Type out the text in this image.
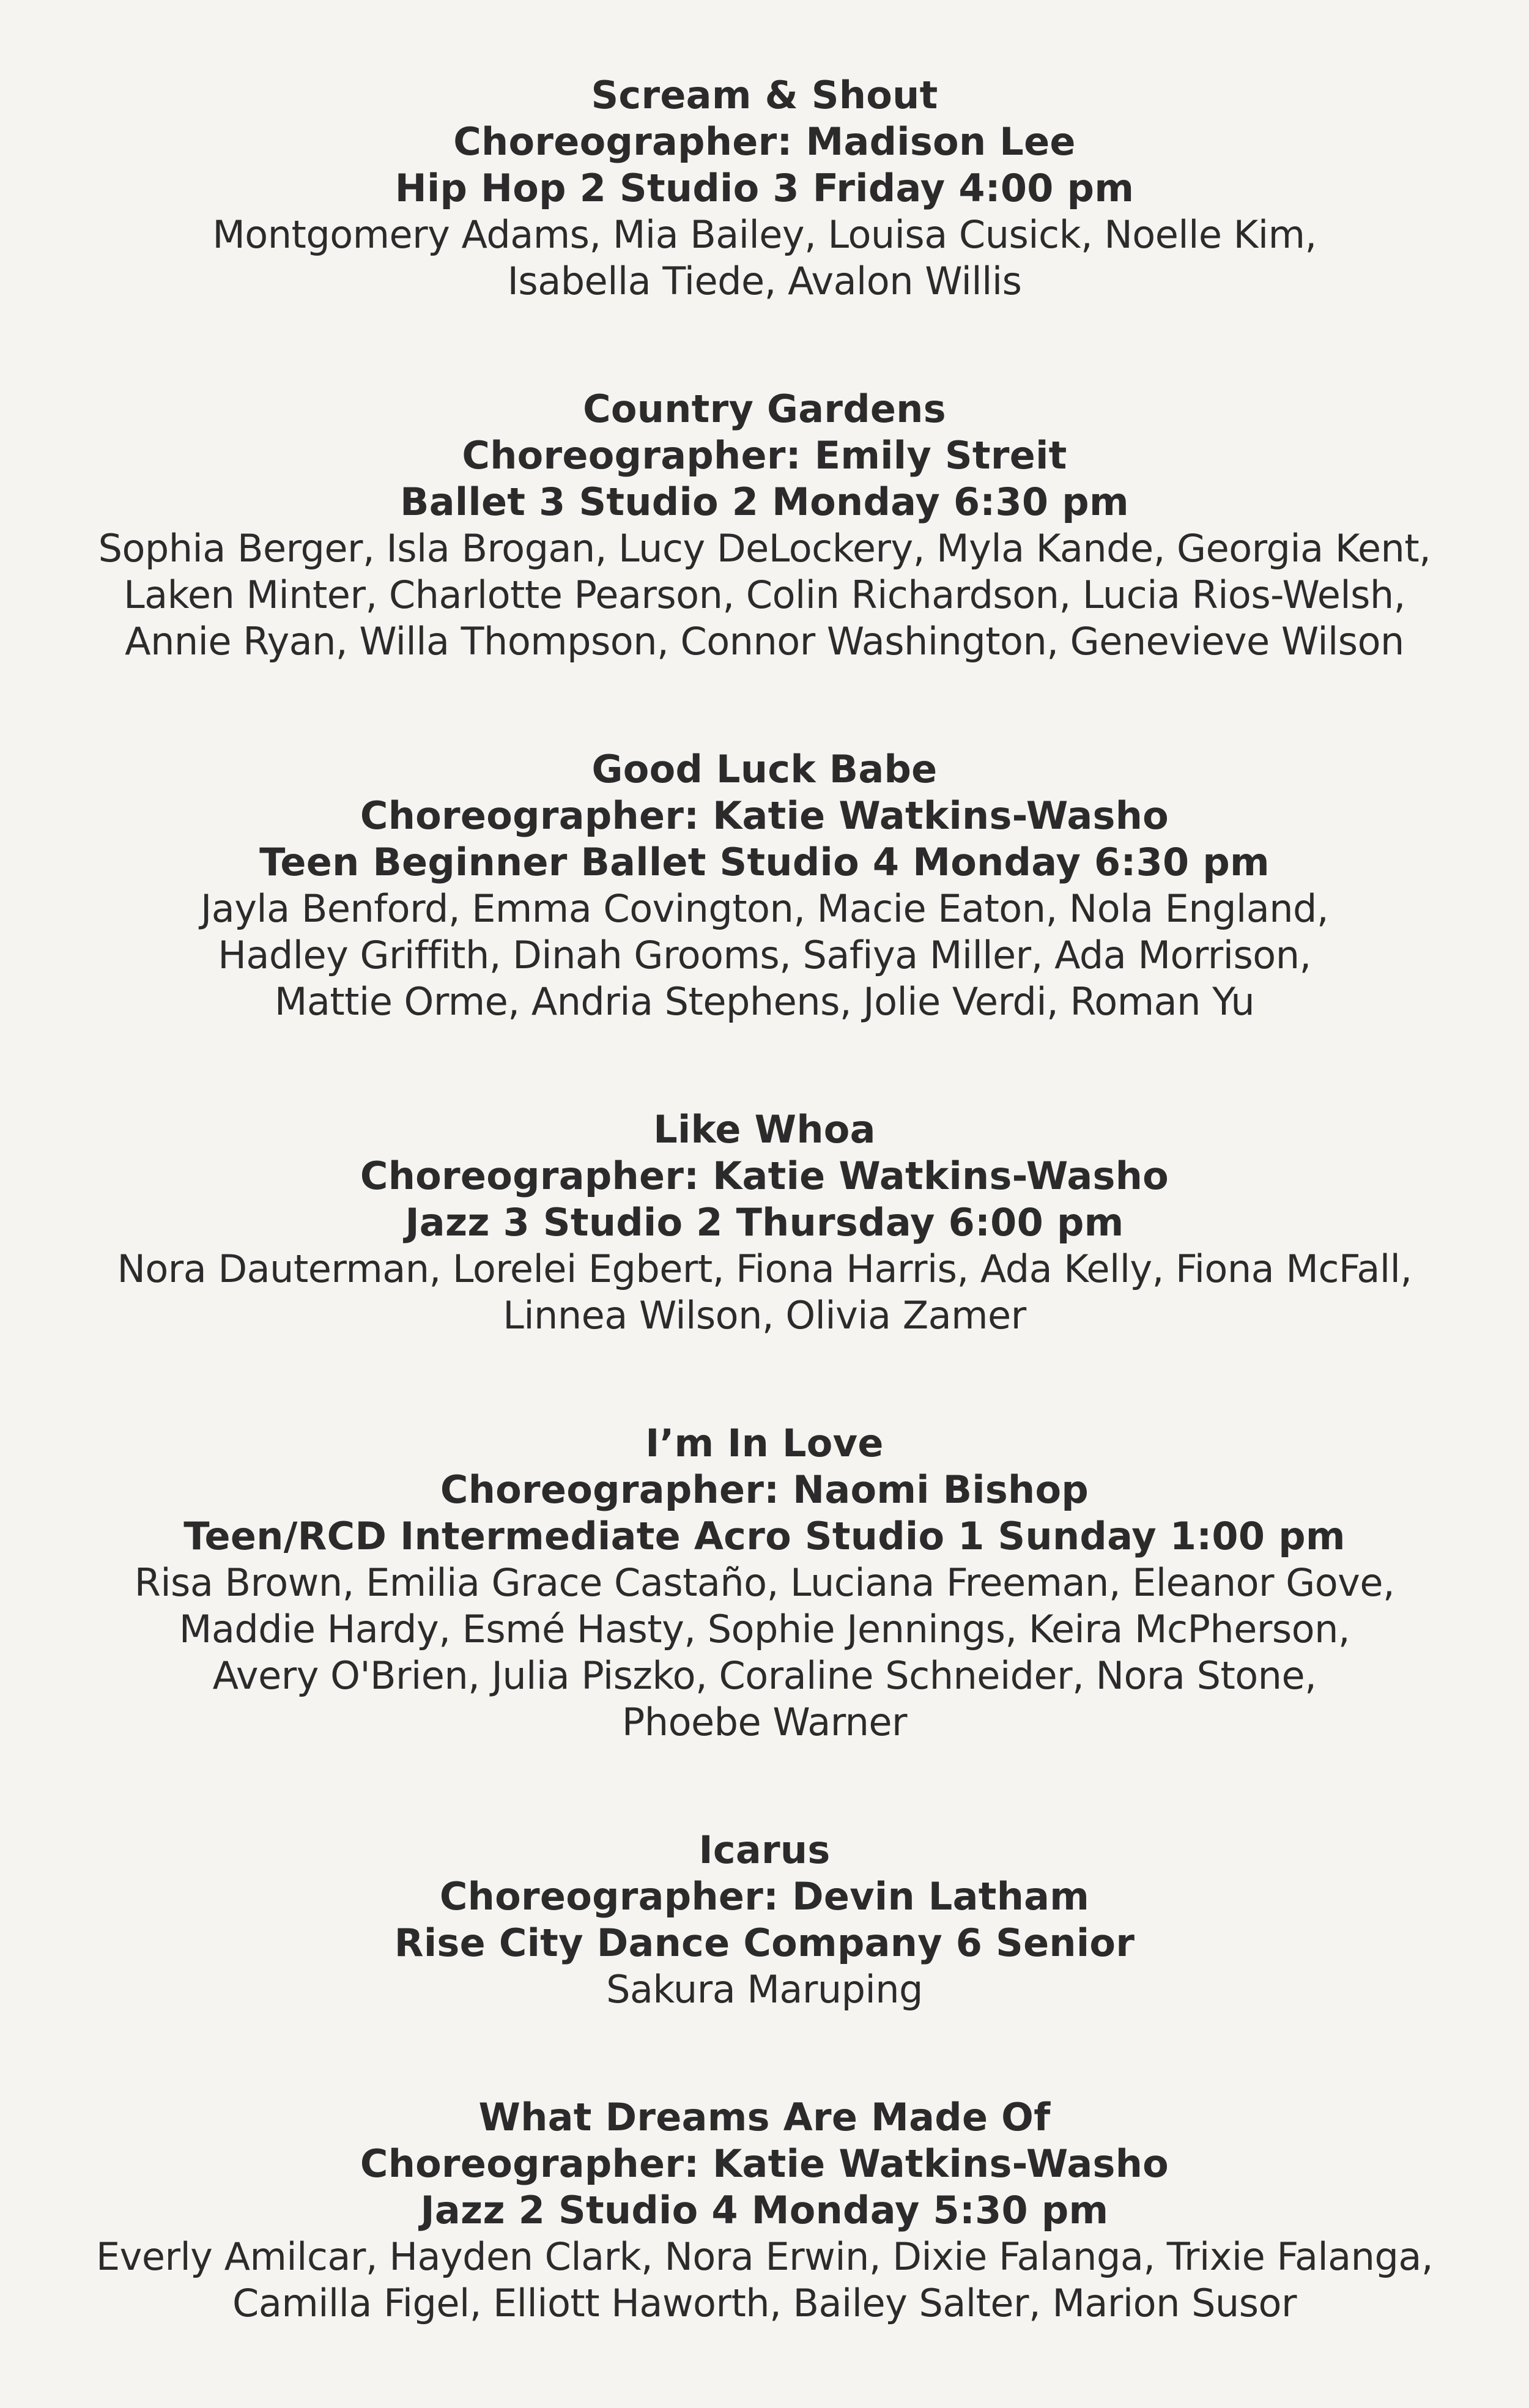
Scream & Shout
Choreographer: Madison Lee
Hip Hop 2 Studio 3 Friday 4:00 pm
Montgomery Adams, Mia Bailey, Louisa Cusick, Noelle Kim,
Isabella Tiede, Avalon Willis
Country Gardens
Choreographer: Emily Streit
Ballet 3 Studio 2 Monday 6:30 pm
Sophia Berger, Isla Brogan, Lucy DeLockery, Myla Kande, Georgia Kent,
Laken Minter, Charlotte Pearson, Colin Richardson, Lucia Rios-Welsh,
Annie Ryan, Willa Thompson, Connor Washington, Genevieve Wilson
Good Luck Babe
Choreographer: Katie Watkins-Washo
Teen Beginner Ballet Studio 4 Monday 6:30 pm
Jayla Benford, Emma Covington, Macie Eaton, Nola England,
Hadley Griffith, Dinah Grooms, Safiya Miller, Ada Morrison,
Mattie Orme, Andria Stephens, Jolie Verdi, Roman Yu
Like Whoa
Choreographer: Katie Watkins-Washo
Jazz 3 Studio 2 Thursday 6:00 pm
Nora Dauterman, Lorelei Egbert, Fiona Harris, Ada Kelly, Fiona McFall,
Linnea Wilson, Olivia Zamer
I’m In Love
Choreographer: Naomi Bishop
Teen/RCD Intermediate Acro Studio 1 Sunday 1:00 pm
Risa Brown, Emilia Grace Castaño, Luciana Freeman, Eleanor Gove,
Maddie Hardy, Esmé Hasty, Sophie Jennings, Keira McPherson,
Avery O'Brien, Julia Piszko, Coraline Schneider, Nora Stone,
Phoebe Warner
Icarus
Choreographer: Devin Latham
Rise City Dance Company 6 Senior
Sakura Maruping
What Dreams Are Made Of
Choreographer: Katie Watkins-Washo
Jazz 2 Studio 4 Monday 5:30 pm
Everly Amilcar, Hayden Clark, Nora Erwin, Dixie Falanga, Trixie Falanga,
Camilla Figel, Elliott Haworth, Bailey Salter, Marion Susor
